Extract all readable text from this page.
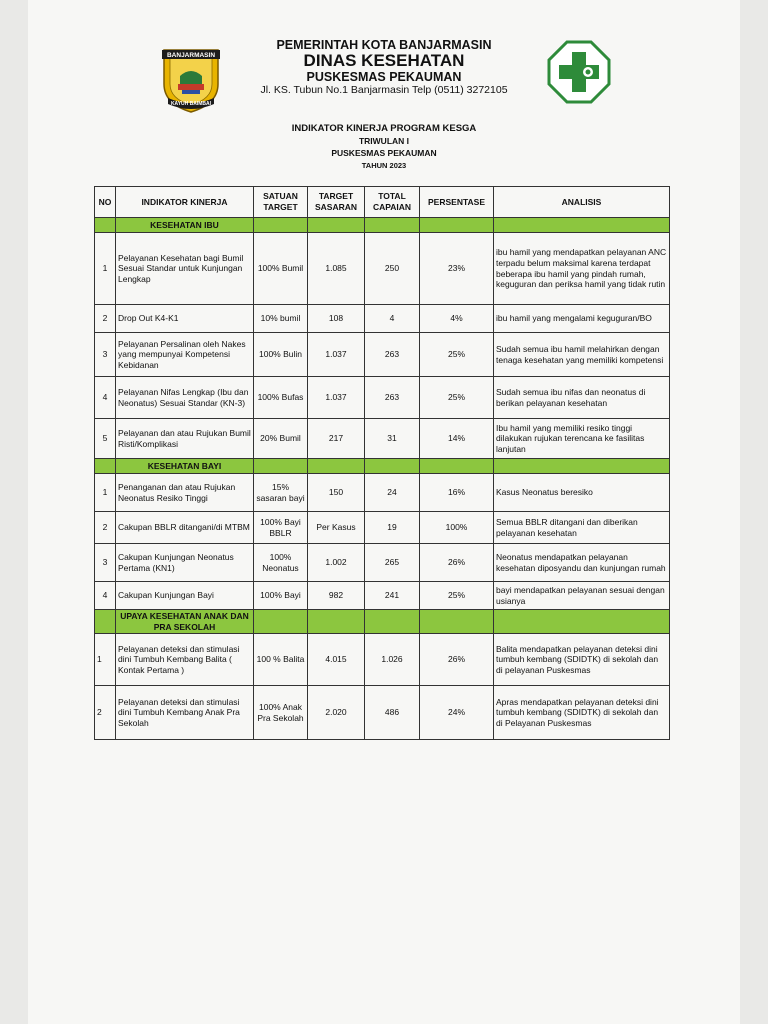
BANJARMASIN
KAYUH BAIMBAI
PEMERINTAH KOTA BANJARMASIN
DINAS KESEHATAN
PUSKESMAS PEKAUMAN
Jl. KS. Tubun No.1 Banjarmasin Telp (0511) 3272105
INDIKATOR KINERJA PROGRAM KESGA
TRIWULAN I
PUSKESMAS PEKAUMAN
TAHUN 2023
NO	INDIKATOR KINERJA	SATUAN TARGET	TARGET SASARAN	TOTAL CAPAIAN	PERSENTASE	ANALISIS
	KESEHATAN IBU					
1	Pelayanan Kesehatan bagi Bumil Sesuai Standar untuk Kunjungan Lengkap	100% Bumil	1.085	250	23%	ibu hamil yang mendapatkan pelayanan ANC terpadu belum maksimal karena terdapat beberapa ibu hamil yang pindah rumah, keguguran dan periksa hamil yang tidak rutin
2	Drop Out K4-K1	10% bumil	108	4	4%	ibu hamil yang mengalami keguguran/BO
3	Pelayanan Persalinan oleh Nakes yang mempunyai Kompetensi Kebidanan	100% Bulin	1.037	263	25%	Sudah semua ibu hamil melahirkan dengan tenaga kesehatan yang memiliki kompetensi
4	Pelayanan Nifas Lengkap (Ibu dan Neonatus) Sesuai Standar (KN-3)	100% Bufas	1.037	263	25%	Sudah semua ibu nifas dan neonatus di berikan pelayanan kesehatan
5	Pelayanan dan atau Rujukan Bumil Risti/Komplikasi	20% Bumil	217	31	14%	Ibu hamil yang memiliki resiko tinggi dilakukan rujukan terencana ke fasilitas lanjutan
	KESEHATAN BAYI					
1	Penanganan dan atau Rujukan Neonatus Resiko Tinggi	15% sasaran bayi	150	24	16%	Kasus Neonatus beresiko
2	Cakupan BBLR ditangani/di MTBM	100% Bayi BBLR	Per Kasus	19	100%	Semua BBLR ditangani dan diberikan pelayanan kesehatan
3	Cakupan Kunjungan Neonatus Pertama (KN1)	100% Neonatus	1.002	265	26%	Neonatus mendapatkan pelayanan kesehatan diposyandu dan kunjungan rumah
4	Cakupan Kunjungan Bayi	100% Bayi	982	241	25%	bayi mendapatkan pelayanan sesuai dengan usianya
	UPAYA KESEHATAN ANAK DAN PRA SEKOLAH					
1	Pelayanan deteksi dan stimulasi dini Tumbuh Kembang Balita ( Kontak Pertama )	100 % Balita	4.015	1.026	26%	Balita mendapatkan pelayanan deteksi dini tumbuh kembang (SDIDTK) di sekolah dan di pelayanan Puskesmas
2	Pelayanan deteksi dan stimulasi dini Tumbuh Kembang Anak Pra Sekolah	100% Anak Pra Sekolah	2.020	486	24%	Apras mendapatkan pelayanan deteksi dini tumbuh kembang (SDIDTK) di sekolah dan di Pelayanan Puskesmas
